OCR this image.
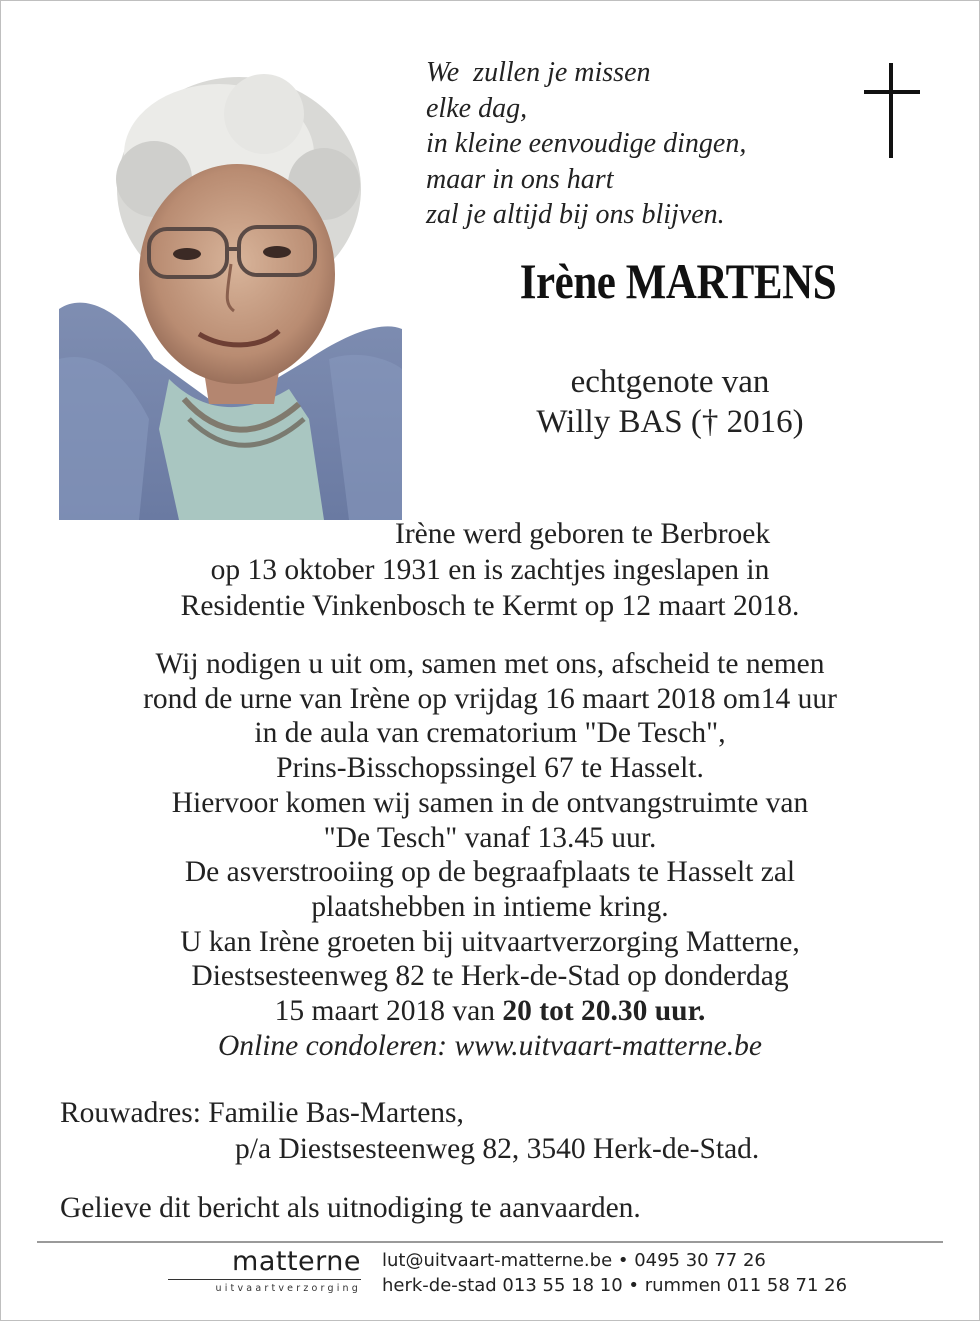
We  zullen je missen
elke dag,
in kleine eenvoudige dingen,
maar in ons hart
zal je altijd bij ons blijven.
Irène MARTENS
echtgenote van
Willy BAS († 2016)
Irène werd geboren te Berbroek
op 13 oktober 1931 en is zachtjes ingeslapen in
Residentie Vinkenbosch te Kermt op 12 maart 2018.
Wij nodigen u uit om, samen met ons, afscheid te nemen
rond de urne van Irène op vrijdag 16 maart 2018 om14 uur
in de aula van crematorium "De Tesch",
Prins-Bisschopssingel 67 te Hasselt.
Hiervoor komen wij samen in de ontvangstruimte van
"De Tesch" vanaf 13.45 uur.
De asverstrooiing op de begraafplaats te Hasselt zal
plaatshebben in intieme kring.
U kan Irène groeten bij uitvaartverzorging Matterne,
Diestsesteenweg 82 te Herk-de-Stad op donderdag
15 maart 2018 van 20 tot 20.30 uur.
Online condoleren: www.uitvaart-matterne.be
Rouwadres: Familie Bas-Martens,
p/a Diestsesteenweg 82, 3540 Herk-de-Stad.
Gelieve dit bericht als uitnodiging te aanvaarden.
matterne
uitvaartverzorging
lut@uitvaart-matterne.be • 0495 30 77 26
herk-de-stad 013 55 18 10 • rummen 011 58 71 26
